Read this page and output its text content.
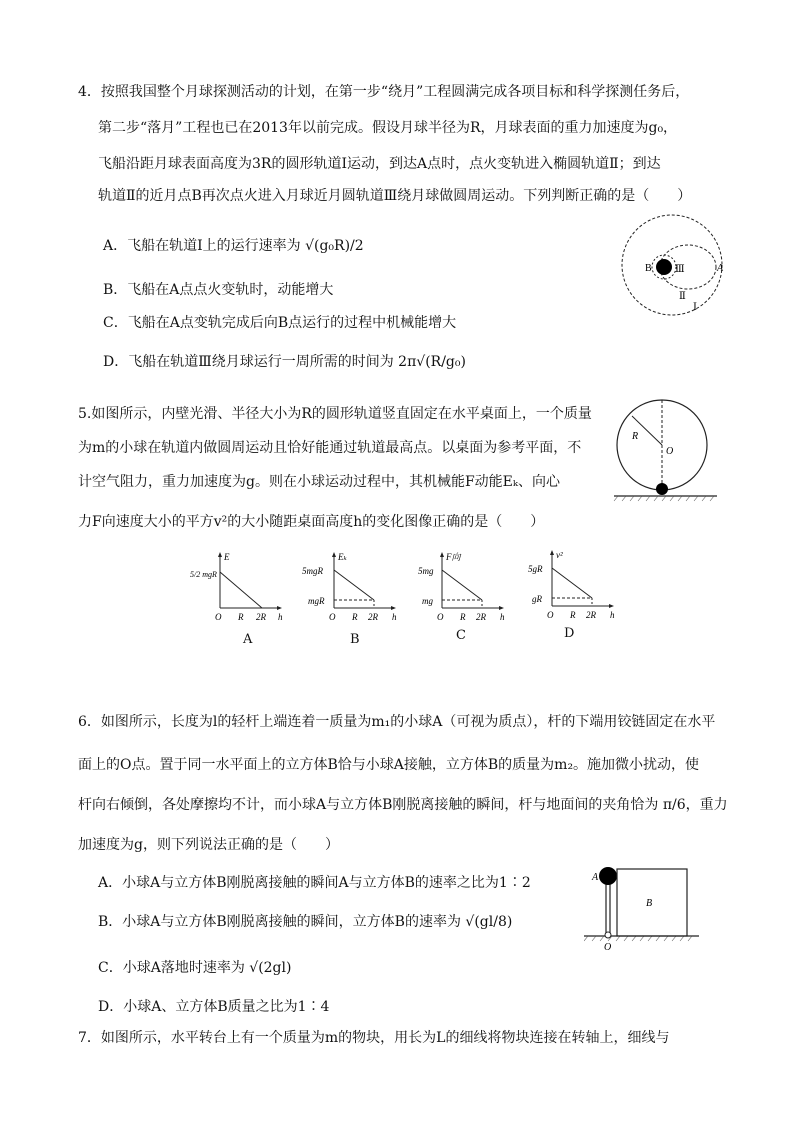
4．按照我国整个月球探测活动的计划，在第一步“绕月”工程圆满完成各项目标和科学探测任务后，
第二步“落月”工程也已在2013年以前完成。假设月球半径为R，月球表面的重力加速度为g₀，
飞船沿距月球表面高度为3R的圆形轨道Ⅰ运动，到达A点时，点火变轨进入椭圆轨道Ⅱ；到达
轨道Ⅱ的近月点B再次点火进入月球近月圆轨道Ⅲ绕月球做圆周运动。下列判断正确的是（　　）
A．飞船在轨道Ⅰ上的运行速率为 √(g₀R)/2
B．飞船在A点点火变轨时，动能增大
C．飞船在A点变轨完成后向B点运行的过程中机械能增大
D．飞船在轨道Ⅲ绕月球运行一周所需的时间为 2π√(R/g₀)
B	A
Ⅲ
Ⅱ
Ⅰ
5.如图所示，内壁光滑、半径大小为R的圆形轨道竖直固定在水平桌面上，一个质量
为m的小球在轨道内做圆周运动且恰好能通过轨道最高点。以桌面为参考平面，不
计空气阻力，重力加速度为g。则在小球运动过程中，其机械能F动能Eₖ、向心
力F向速度大小的平方v²的大小随距桌面高度h的变化图像正确的是（　　）
R
O
E
5/2 mgR
O R 2R h
A
Eₖ
5mgR
mgR
O R 2R h
B
F向
5mg
mg
O R 2R h
C
v²
5gR
gR
O R 2R h
D
6．如图所示，长度为l的轻杆上端连着一质量为m₁的小球A（可视为质点），杆的下端用铰链固定在水平
面上的O点。置于同一水平面上的立方体B恰与小球A接触，立方体B的质量为m₂。施加微小扰动，使
杆向右倾倒，各处摩擦均不计，而小球A与立方体B刚脱离接触的瞬间，杆与地面间的夹角恰为 π/6，重力
加速度为g，则下列说法正确的是（　　）
A．小球A与立方体B刚脱离接触的瞬间A与立方体B的速率之比为1∶2
B．小球A与立方体B刚脱离接触的瞬间，立方体B的速率为 √(gl/8)
C．小球A落地时速率为 √(2gl)
D．小球A、立方体B质量之比为1∶4
A
B
O
7．如图所示，水平转台上有一个质量为m的物块，用长为L的细线将物块连接在转轴上，细线与
